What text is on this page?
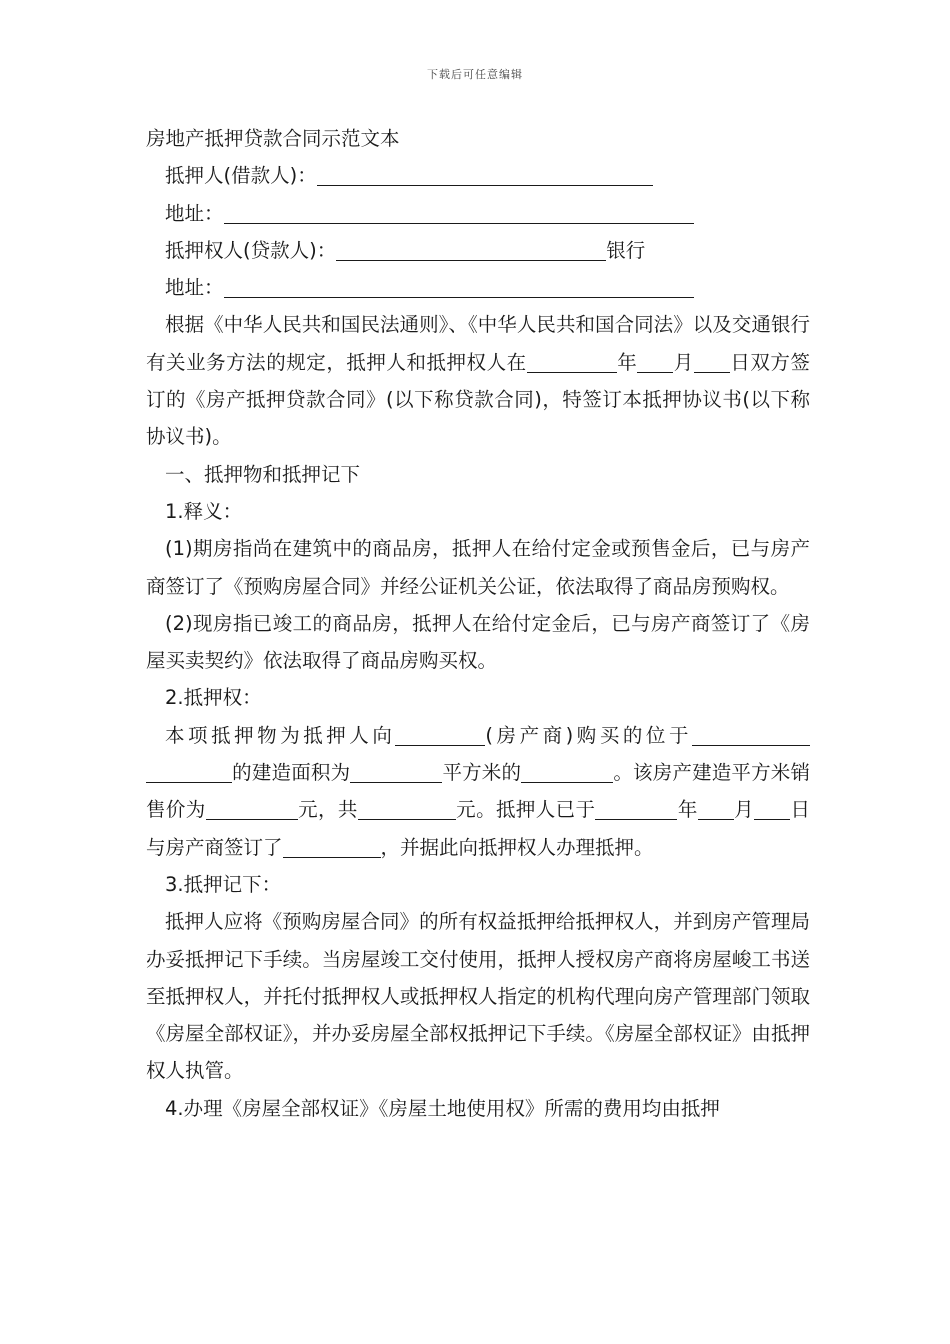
下载后可任意编辑

房地产抵押贷款合同示范文本

抵押人(借款人)：

地址：

抵押权人(贷款人)：	银行

地址：

根据《中华人民共和国民法通则》、《中华人民共和国合同法》以及交通银行有关业务方法的规定，抵押人和抵押权人在	年 月 日双方签订的《房产抵押贷款合同》(以下称贷款合同)，特签订本抵押协议书(以下称协议书)。

一、抵押物和抵押记下

1.释义：

(1)期房指尚在建筑中的商品房，抵押人在给付定金或预售金后，已与房产商签订了《预购房屋合同》并经公证机关公证，依法取得了商品房预购权。

(2)现房指已竣工的商品房，抵押人在给付定金后，已与房产商签订了《房屋买卖契约》依法取得了商品房购买权。

2.抵押权：

本项抵押物为抵押人向	(房产商)购买的位于的建造面积为	平方米的	。该房产建造平方米销售价为	元，共	元。抵押人已于	年 月 日与房产商签订了	，并据此向抵押权人办理抵押。

3.抵押记下：

抵押人应将《预购房屋合同》的所有权益抵押给抵押权人，并到房产管理局办妥抵押记下手续。当房屋竣工交付使用，抵押人授权房产商将房屋峻工书送至抵押权人，并托付抵押权人或抵押权人指定的机构代理向房产管理部门领取《房屋全部权证》，并办妥房屋全部权抵押记下手续。《房屋全部权证》由抵押权人执管。

4.办理《房屋全部权证》《房屋土地使用权》所需的费用均由抵押
